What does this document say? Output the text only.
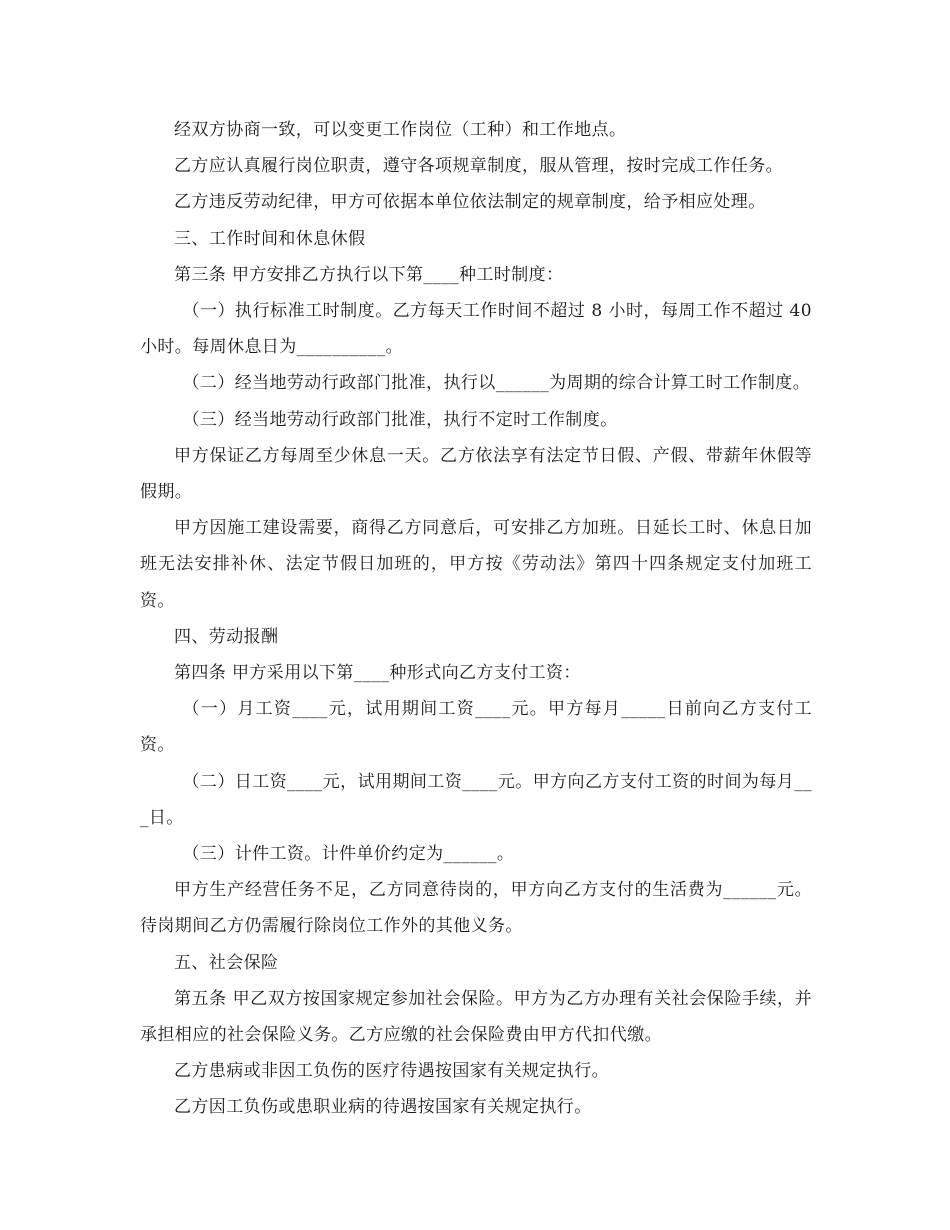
经双方协商一致，可以变更工作岗位（工种）和工作地点。

乙方应认真履行岗位职责，遵守各项规章制度，服从管理，按时完成工作任务。

乙方违反劳动纪律，甲方可依据本单位依法制定的规章制度，给予相应处理。

三、工作时间和休息休假

第三条 甲方安排乙方执行以下第____种工时制度：

（一）执行标准工时制度。乙方每天工作时间不超过 8 小时，每周工作不超过 40 小时。每周休息日为__________。

（二）经当地劳动行政部门批准，执行以______为周期的综合计算工时工作制度。

（三）经当地劳动行政部门批准，执行不定时工作制度。

甲方保证乙方每周至少休息一天。乙方依法享有法定节日假、产假、带薪年休假等假期。

甲方因施工建设需要，商得乙方同意后，可安排乙方加班。日延长工时、休息日加班无法安排补休、法定节假日加班的，甲方按《劳动法》第四十四条规定支付加班工资。

四、劳动报酬

第四条 甲方采用以下第____种形式向乙方支付工资：

（一）月工资____元，试用期间工资____元。甲方每月_____日前向乙方支付工资。

（二）日工资____元，试用期间工资____元。甲方向乙方支付工资的时间为每月___日。

（三）计件工资。计件单价约定为______。

甲方生产经营任务不足，乙方同意待岗的，甲方向乙方支付的生活费为______元。待岗期间乙方仍需履行除岗位工作外的其他义务。

五、社会保险

第五条 甲乙双方按国家规定参加社会保险。甲方为乙方办理有关社会保险手续，并承担相应的社会保险义务。乙方应缴的社会保险费由甲方代扣代缴。

乙方患病或非因工负伤的医疗待遇按国家有关规定执行。

乙方因工负伤或患职业病的待遇按国家有关规定执行。
